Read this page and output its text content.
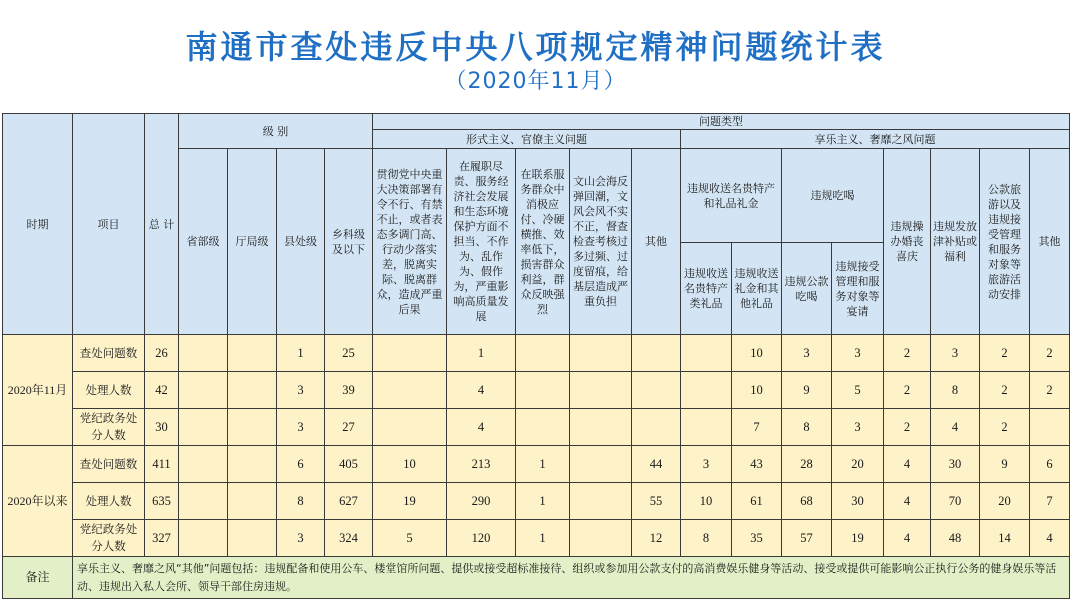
南通市查处违反中央八项规定精神问题统计表
（2020年11月）
时期	项目	总 计	级 别				问题类型												
							形式主义、官僚主义问题					享乐主义、奢靡之风问题							
			省部级	厅局级	县处级	乡科级及以下	贯彻党中央重大决策部署有令不行、有禁不止，或者表态多调门高、行动少落实差，脱离实际、脱离群众，造成严重后果	在履职尽责、服务经济社会发展和生态环境保护方面不担当、不作为、乱作为、假作为，严重影响高质量发展	在联系服务群众中消极应付、冷硬横推、效率低下，损害群众利益，群众反映强烈	文山会海反弹回潮，文风会风不实不正，督查检查考核过多过频、过度留痕，给基层造成严重负担	其他	违规收送名贵特产和礼品礼金		违规吃喝		违规操办婚丧喜庆	违规发放津补贴或福利	公款旅游以及违规接受管理和服务对象等旅游活动安排	其他
												违规收送名贵特产类礼品	违规收送礼金和其他礼品	违规公款吃喝	违规接受管理和服务对象等宴请				
2020年11月	查处问题数	26			1	25		1					10	3	3	2	3	2	2
	处理人数	42			3	39		4					10	9	5	2	8	2	2
	党纪政务处分人数	30			3	27		4					7	8	3	2	4	2	
2020年以来	查处问题数	411			6	405	10	213	1		44	3	43	28	20	4	30	9	6
	处理人数	635			8	627	19	290	1		55	10	61	68	30	4	70	20	7
	党纪政务处分人数	327			3	324	5	120	1		12	8	35	57	19	4	48	14	4
备注	享乐主义、奢靡之风“其他”问题包括：违规配备和使用公车、楼堂馆所问题、提供或接受超标准接待、组织或参加用公款支付的高消费娱乐健身等活动、接受或提供可能影响公正执行公务的健身娱乐等活动、违规出入私人会所、领导干部住房违规。																		
